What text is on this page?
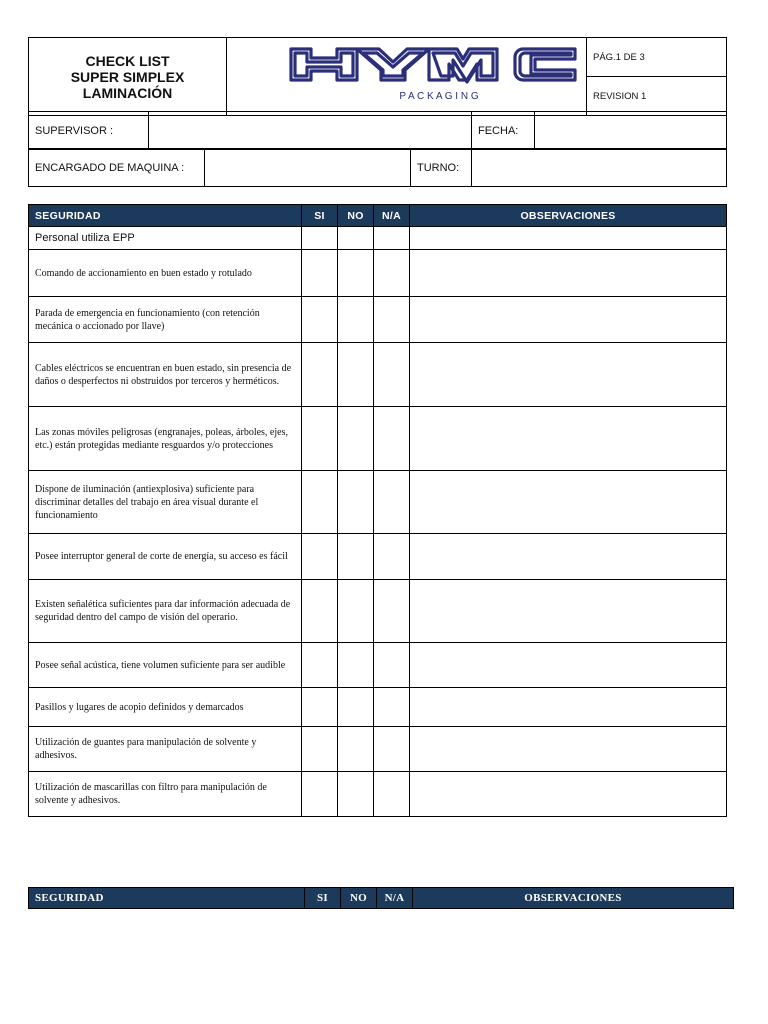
CHECK LIST
SUPER SIMPLEX
LAMINACIÓN	P A C K A G I N G
	PÁG.1 DE 3
REVISION 1
SUPERVISOR :		FECHA:	
ENCARGADO DE MAQUINA :		TURNO:	
SEGURIDAD	SI	NO	N/A	OBSERVACIONES
Personal utiliza EPP				
Comando de accionamiento en buen estado y rotulado				
Parada de emergencia en funcionamiento (con retención mecánica o accionado por llave)				
Cables eléctricos se encuentran en buen estado, sin presencia de daños o desperfectos ni obstruidos por terceros y herméticos.				
Las zonas móviles peligrosas (engranajes, poleas, árboles, ejes, etc.) están protegidas mediante resguardos y/o protecciones				
Dispone de iluminación (antiexplosiva) suficiente para discriminar detalles del trabajo en área visual durante el funcionamiento				
Posee interruptor general de corte de energía, su acceso es fácil				
Existen señalética suficientes para dar información adecuada de seguridad dentro del campo de visión del operario.				
Posee señal acústica, tiene volumen suficiente para ser audible				
Pasillos y lugares de acopio definidos y demarcados				
Utilización de guantes para manipulación de solvente y adhesivos.				
Utilización de mascarillas con filtro para manipulación de solvente y adhesivos.				
SEGURIDAD	SI	NO	N/A	OBSERVACIONES
